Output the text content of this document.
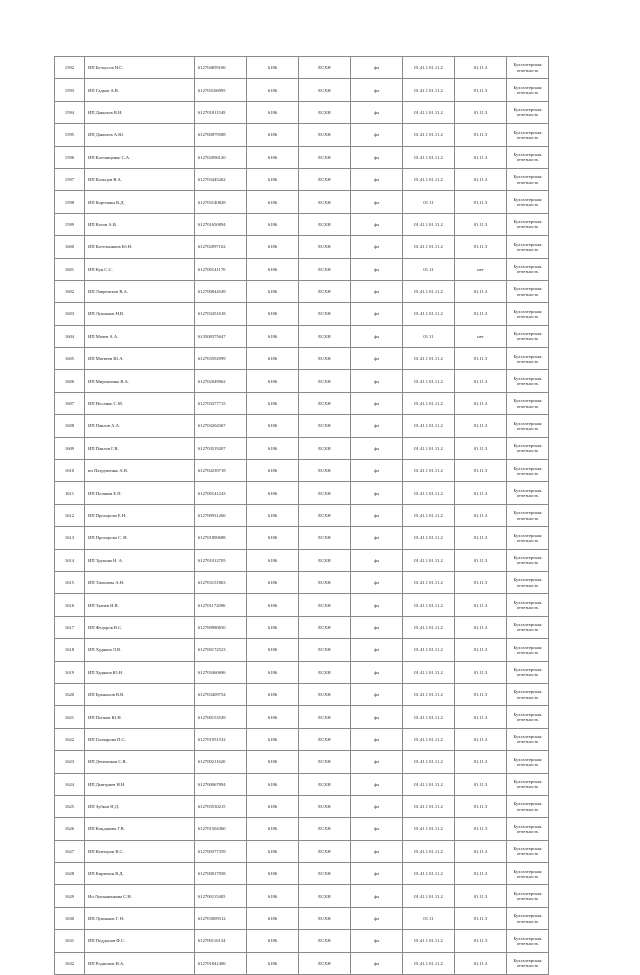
1592	ИП Белоусов Н.С.	612704859106	6186	ЕСХН	фл	01.41.1 01.11.2	01.11.3	Бухгалтерская отчетность
1593	ИП Гадков А.В.	612703166995	6186	ЕСХН	фл	01.41.1 01.11.2	01.11.3	Бухгалтерская отчетность
1594	ИП Данилов В.Н.	612701811549	6186	ЕСХН	фл	01.41.1 01.11.2	01.11.3	Бухгалтерская отчетность
1595	ИП Данилов А.Ю.	612700879588	6186	ЕСХН	фл	01.41.1 01.11.2	01.11.3	Бухгалтерская отчетность
1596	ИП Клочищенко С.А.	612702096120	6186	ЕСХН	фл	01.41.1 01.11.2	01.11.3	Бухгалтерская отчетность
1597	ИП Кольцов В.А.	612703445262	6186	ЕСХН	фл	01.41.1 01.11.2	01.11.3	Бухгалтерская отчетность
1598	ИП Корочкин В.Д.	612703140828	6186	ЕСХН	фл	01.11	01.11.3	Бухгалтерская отчетность
1599	ИП Котов А.В.	612701650894	6186	ЕСХН	фл	01.41.1 01.11.2	01.11.3	Бухгалтерская отчетность
1600	ИП Котельников Ю.Н.	612702097162	6186	ЕСХН	фл	01.41.1 01.11.2	01.11.3	Бухгалтерская отчетность
1601	ИП Кун С.С.	612700141170	6186	ЕСХН	фл	01.11	нет	Бухгалтерская отчетность
1602	ИП Лаврентьев В.А.	612700844549	6186	ЕСХН	фл	01.41.1 01.11.2	01.11.3	Бухгалтерская отчетность
1603	ИП Лукьянов Н.В.	612703451618	6186	ЕСХН	фл	01.41.1 01.11.2	01.11.3	Бухгалтерская отчетность
1604	ИП Мачев А.А.	613508375647	6186	ЕСХН	фл	01.11	нет	Бухгалтерская отчетность
1605	ИП Матвеев Ю.А.	612703592999	6186	ЕСХН	фл	01.41.1 01.11.2	01.11.3	Бухгалтерская отчетность
1606	ИП Мирошенко В.А.	612702049962	6186	ЕСХН	фл	01.41.1 01.11.2	01.11.3	Бухгалтерская отчетность
1607	ИП Носенко С.М.	612703377715	6186	ЕСХН	фл	01.41.1 01.11.2	01.11.3	Бухгалтерская отчетность
1608	ИП Павлов А.А.	612704204367	6186	ЕСХН	фл	01.41.1 01.11.2	01.11.3	Бухгалтерская отчетность
1609	ИП Павлов Г.В.	612703519207	6186	ЕСХН	фл	01.41.1 01.11.2	01.11.3	Бухгалтерская отчетность
1610	ип Патрушенко А.В.	612704239718	6186	ЕСХН	фл	01.41.1 01.11.2	01.11.3	Бухгалтерская отчетность
1611	ИП Поляков Е.П.	612700141243	6186	ЕСХН	фл	01.41.1 01.11.2	01.11.3	Бухгалтерская отчетность
1612	ИП Прохорова Е.Н.	612700931266	6186	ЕСХН	фл	01.41.1 01.11.2	01.11.3	Бухгалтерская отчетность
1613	ИП Прохорова С. Н.	612701890688	6186	ЕСХН	фл	01.41.1 01.11.2	01.11.3	Бухгалтерская отчетность
1614	ИП Трунова Н. А.	612701012705	6186	ЕСХН	фл	01.41.1 01.11.2	01.11.3	Бухгалтерская отчетность
1615	ИП Тихонова А.Н.	612703151863	6186	ЕСХН	фл	01.41.1 01.11.2	01.11.3	Бухгалтерская отчетность
1616	ИП Ткачев Н.В.	612701172096	6186	ЕСХН	фл	01.41.1 01.11.2	01.11.3	Бухгалтерская отчетность
1617	ИП Федоров В.С.	612700980650	6186	ЕСХН	фл	01.41.1 01.11.2	01.11.3	Бухгалтерская отчетность
1618	ИП Худяков Л.В.	612700172523	6186	ЕСХН	фл	01.41.1 01.11.2	01.11.3	Бухгалтерская отчетность
1619	ИП Худяков Ю.Н.	612703460696	6186	ЕСХН	фл	01.41.1 01.11.2	01.11.3	Бухгалтерская отчетность
1620	ИП Брыкалов В.В.	612703409754	6186	ЕСХН	фл	01.41.1 01.11.2	01.11.3	Бухгалтерская отчетность
1621	ИП Попков Ю.Н.	612700153549	6186	ЕСХН	фл	01.41.1 01.11.2	01.11.3	Бухгалтерская отчетность
1622	ИП Гончарова П.С.	612701951532	6186	ЕСХН	фл	01.41.1 01.11.2	01.11.3	Бухгалтерская отчетность
1623	ИП Демченков С.В.	612700211620	6186	ЕСХН	фл	01.41.1 01.11.2	01.11.3	Бухгалтерская отчетность
1624	ИП Дмитриев Н.Н.	612700067894	6186	ЕСХН	фл	01.41.1 01.11.2	01.11.3	Бухгалтерская отчетность
1625	ИП Зубков Н.Д.	612703530215	6186	ЕСХН	фл	01.41.1 01.11.2	01.11.3	Бухгалтерская отчетность
1626	ИП Кондакова Г.В.	612701504360	6186	ЕСХН	фл	01.41.1 01.11.2	01.11.3	Бухгалтерская отчетность
1627	ИП Кенторов В.С.	612700377359	6186	ЕСХН	фл	01.41.1 01.11.2	01.11.3	Бухгалтерская отчетность
1628	ИП Кирюхин В.Д.	612700017958	6186	ЕСХН	фл	01.41.1 01.11.2	01.11.3	Бухгалтерская отчетность
1629	Ип Лукьяненкова С.Н.	612700115405	6186	ЕСХН	фл	01.41.1 01.11.2	01.11.3	Бухгалтерская отчетность
1630	ИП Лукьянов Г. Н.	612703009312	6186	ЕСХН	фл	01.11	01.11.3	Бухгалтерская отчетность
1631	ИП Поддонов Ф.С.	612700116134	6186	ЕСХН	фл	01.41.1 01.11.2	01.11.3	Бухгалтерская отчетность
1632	ИП Родионов Н.А.	612701841406	6186	ЕСХН	фл	01.41.1 01.11.2	01.11.3	Бухгалтерская отчетность
